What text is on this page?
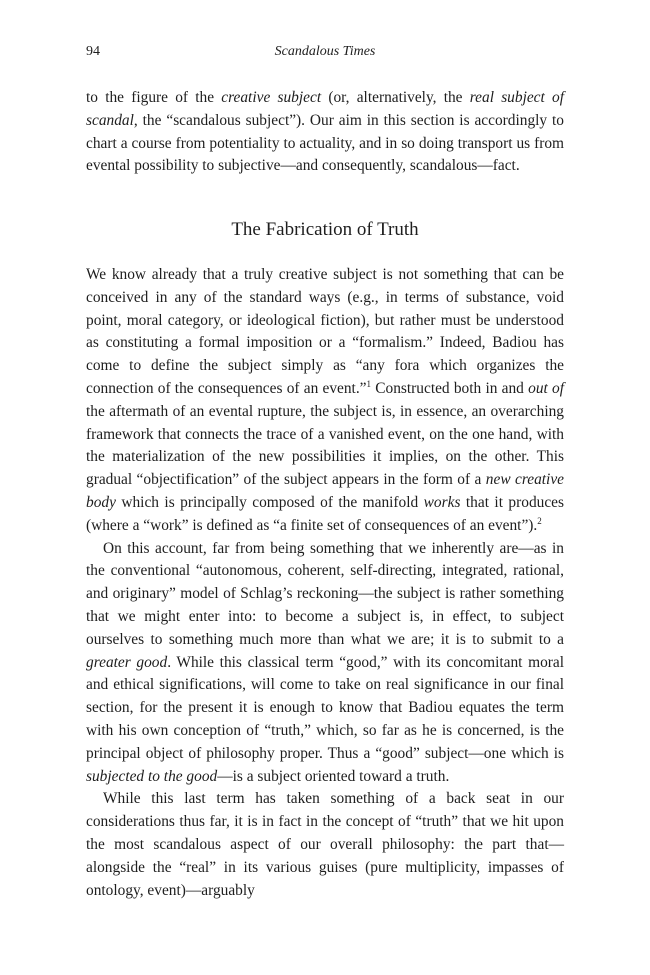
94	Scandalous Times

to the figure of the creative subject (or, alternatively, the real subject of scandal, the “scandalous subject”). Our aim in this section is accordingly to chart a course from potentiality to actuality, and in so doing transport us from evental possibility to subjective—and consequently, scandalous—fact.

The Fabrication of Truth

We know already that a truly creative subject is not something that can be conceived in any of the standard ways (e.g., in terms of substance, void point, moral category, or ideological fiction), but rather must be understood as constituting a formal imposition or a “formalism.” Indeed, Badiou has come to define the subject simply as “any fora which organizes the connection of the consequences of an event.”$^1$ Constructed both in and out of the aftermath of an evental rupture, the subject is, in essence, an overarching framework that connects the trace of a vanished event, on the one hand, with the materialization of the new possibilities it implies, on the other. This gradual “objectification” of the subject appears in the form of a new creative body which is principally composed of the manifold works that it produces (where a “work” is defined as “a finite set of consequences of an event”).$^2$

On this account, far from being something that we inherently are—as in the conventional “autonomous, coherent, self-directing, integrated, rational, and originary” model of Schlag’s reckoning—the subject is rather something that we might enter into: to become a subject is, in effect, to subject ourselves to something much more than what we are; it is to submit to a greater good. While this classical term “good,” with its concomitant moral and ethical significations, will come to take on real significance in our final section, for the present it is enough to know that Badiou equates the term with his own conception of “truth,” which, so far as he is concerned, is the principal object of philosophy proper. Thus a “good” subject—one which is subjected to the good—is a subject oriented toward a truth.

While this last term has taken something of a back seat in our considerations thus far, it is in fact in the concept of “truth” that we hit upon the most scandalous aspect of our overall philosophy: the part that—alongside the “real” in its various guises (pure multiplicity, impasses of ontology, event)—arguably
